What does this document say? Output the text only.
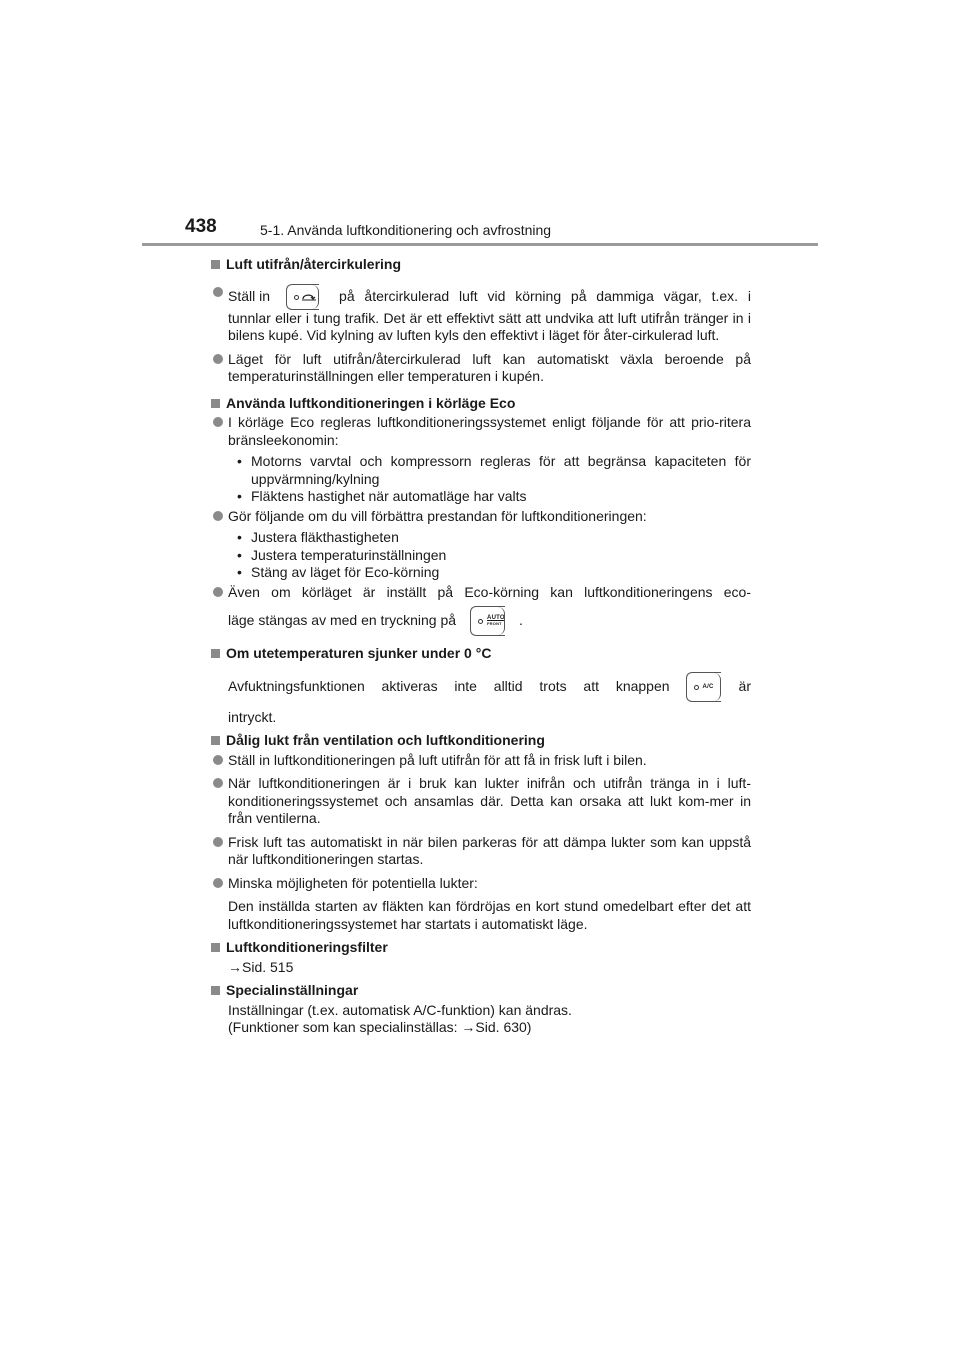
438	5-1. Använda luftkonditionering och avfrostning
Luft utifrån/återcirkulering
Ställ in	på återcirkulerad luft vid körning på dammiga vägar, t.ex. i
tunnlar eller i tung trafik. Det är ett effektivt sätt att undvika att luft utifrån tränger in i bilens kupé. Vid kylning av luften kyls den effektivt i läget för åter-cirkulerad luft.
Läget för luft utifrån/återcirkulerad luft kan automatiskt växla beroende på temperaturinställningen eller temperaturen i kupén.
Använda luftkonditioneringen i körläge Eco
I körläge Eco regleras luftkonditioneringssystemet enligt följande för att prio-ritera bränsleekonomin:
• Motorns varvtal och kompressorn regleras för att begränsa kapaciteten för uppvärmning/kylning
• Fläktens hastighet när automatläge har valts
Gör följande om du vill förbättra prestandan för luftkonditioneringen:
• Justera fläkthastigheten
• Justera temperaturinställningen
• Stäng av läget för Eco-körning
Även om körläget är inställt på Eco-körning kan luftkonditioneringens eco-
läge stängas av med en tryckning på	AUTO
FRONT .
Om utetemperaturen sjunker under 0 °C
Avfuktningsfunktionen aktiveras inte alltid trots att knappen	A/C är
intryckt.
Dålig lukt från ventilation och luftkonditionering
Ställ in luftkonditioneringen på luft utifrån för att få in frisk luft i bilen.
När luftkonditioneringen är i bruk kan lukter inifrån och utifrån tränga in i luft-konditioneringssystemet och ansamlas där. Detta kan orsaka att lukt kom-mer in från ventilerna.
Frisk luft tas automatiskt in när bilen parkeras för att dämpa lukter som kan uppstå när luftkonditioneringen startas.
Minska möjligheten för potentiella lukter:
Den inställda starten av fläkten kan fördröjas en kort stund omedelbart efter det att luftkonditioneringssystemet har startats i automatiskt läge.
Luftkonditioneringsfilter
→Sid. 515
Specialinställningar
Inställningar (t.ex. automatisk A/C-funktion) kan ändras.
(Funktioner som kan specialinställas: →Sid. 630)
